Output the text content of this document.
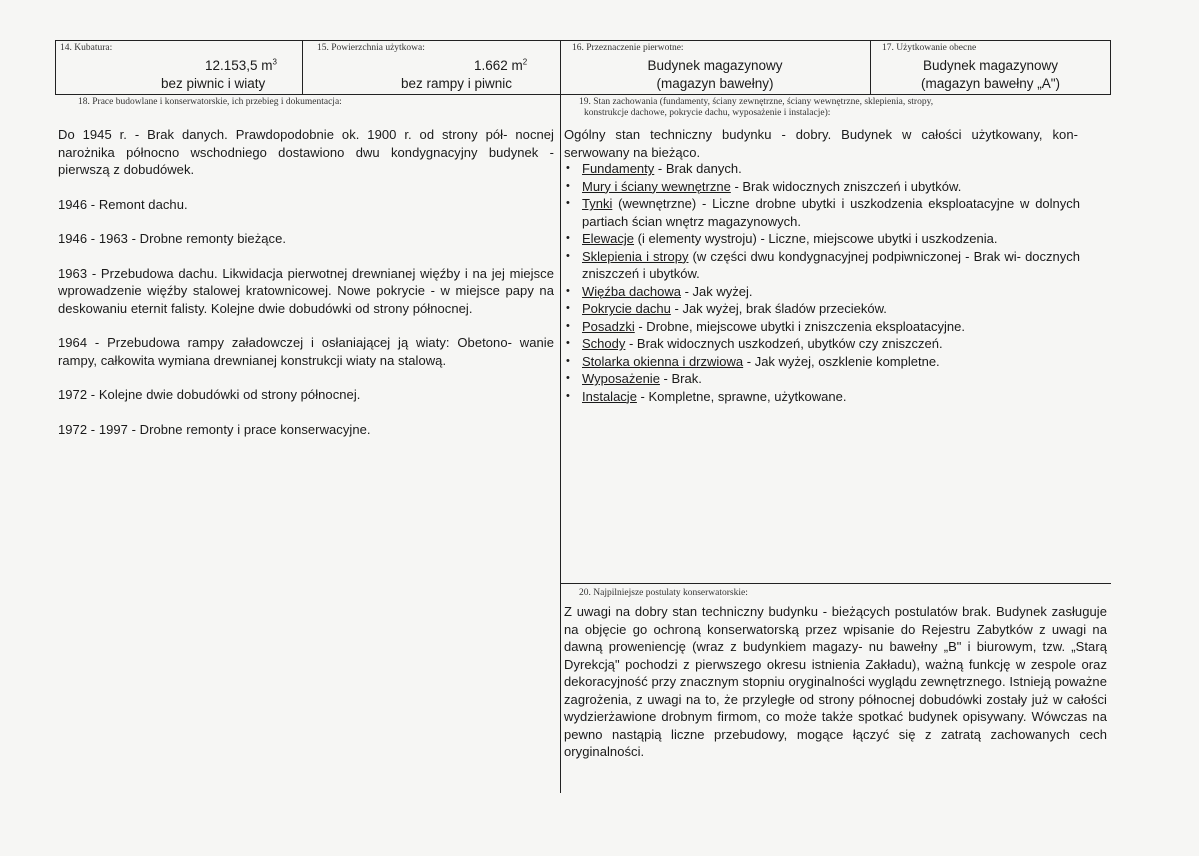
14. Kubatura:
12.153,5 $m^3$
bez piwnic i wiaty
15. Powierzchnia użytkowa:
1.662 $m^2$
bez rampy i piwnic
16. Przeznaczenie pierwotne:
Budynek magazynowy
(magazyn bawełny)
17. Użytkowanie obecne
Budynek magazynowy
(magazyn bawełny „A")
18. Prace budowlane i konserwatorskie, ich przebieg i dokumentacja:

Do 1945 r. - Brak danych. Prawdopodobnie ok. 1900 r. od strony pół- nocnej narożnika północno wschodniego dostawiono dwu kondygnacyjny budynek - pierwszą z dobudówek.

1946 - Remont dachu.

1946 - 1963 - Drobne remonty bieżące.

1963 - Przebudowa dachu. Likwidacja pierwotnej drewnianej więźby i na jej miejsce wprowadzenie więźby stalowej kratownicowej. Nowe pokrycie - w miejsce papy na deskowaniu eternit falisty. Kolejne dwie dobudówki od strony północnej.

1964 - Przebudowa rampy załadowczej i osłaniającej ją wiaty: Obetono- wanie rampy, całkowita wymiana drewnianej konstrukcji wiaty na stalową.

1972 - Kolejne dwie dobudówki od strony północnej.

1972 - 1997 - Drobne remonty i prace konserwacyjne.

19. Stan zachowania (fundamenty, ściany zewnętrzne, ściany wewnętrzne, sklepienia, stropy,
konstrukcje dachowe, pokrycie dachu, wyposażenie i instalacje):
Ogólny stan techniczny budynku - dobry. Budynek w całości użytkowany, kon- serwowany na bieżąco.
• Fundamenty - Brak danych.
• Mury i ściany wewnętrzne - Brak widocznych zniszczeń i ubytków.
• Tynki (wewnętrzne) - Liczne drobne ubytki i uszkodzenia eksploatacyjne w dolnych partiach ścian wnętrz magazynowych.
• Elewacje (i elementy wystroju) - Liczne, miejscowe ubytki i uszkodzenia.
• Sklepienia i stropy (w części dwu kondygnacyjnej podpiwniczonej - Brak wi- docznych zniszczeń i ubytków.
• Więźba dachowa - Jak wyżej.
• Pokrycie dachu - Jak wyżej, brak śladów przecieków.
• Posadzki - Drobne, miejscowe ubytki i zniszczenia eksploatacyjne.
• Schody - Brak widocznych uszkodzeń, ubytków czy zniszczeń.
• Stolarka okienna i drzwiowa - Jak wyżej, oszklenie kompletne.
• Wyposażenie - Brak.
• Instalacje - Kompletne, sprawne, użytkowane.
20. Najpilniejsze postulaty konserwatorskie:
Z uwagi na dobry stan techniczny budynku - bieżących postulatów brak. Budynek zasługuje na objęcie go ochroną konserwatorską przez wpisanie do Rejestru Zabytków z uwagi na dawną proweniencję (wraz z budynkiem magazy- nu bawełny „B" i biurowym, tzw. „Starą Dyrekcją" pochodzi z pierwszego okresu istnienia Zakładu), ważną funkcję w zespole oraz dekoracyjność przy znacznym stopniu oryginalności wyglądu zewnętrznego. Istnieją poważne zagrożenia, z uwagi na to, że przyległe od strony północnej dobudówki zostały już w całości wydzierżawione drobnym firmom, co może także spotkać budynek opisywany. Wówczas na pewno nastąpią liczne przebudowy, mogące łączyć się z zatratą zachowanych cech oryginalności.
